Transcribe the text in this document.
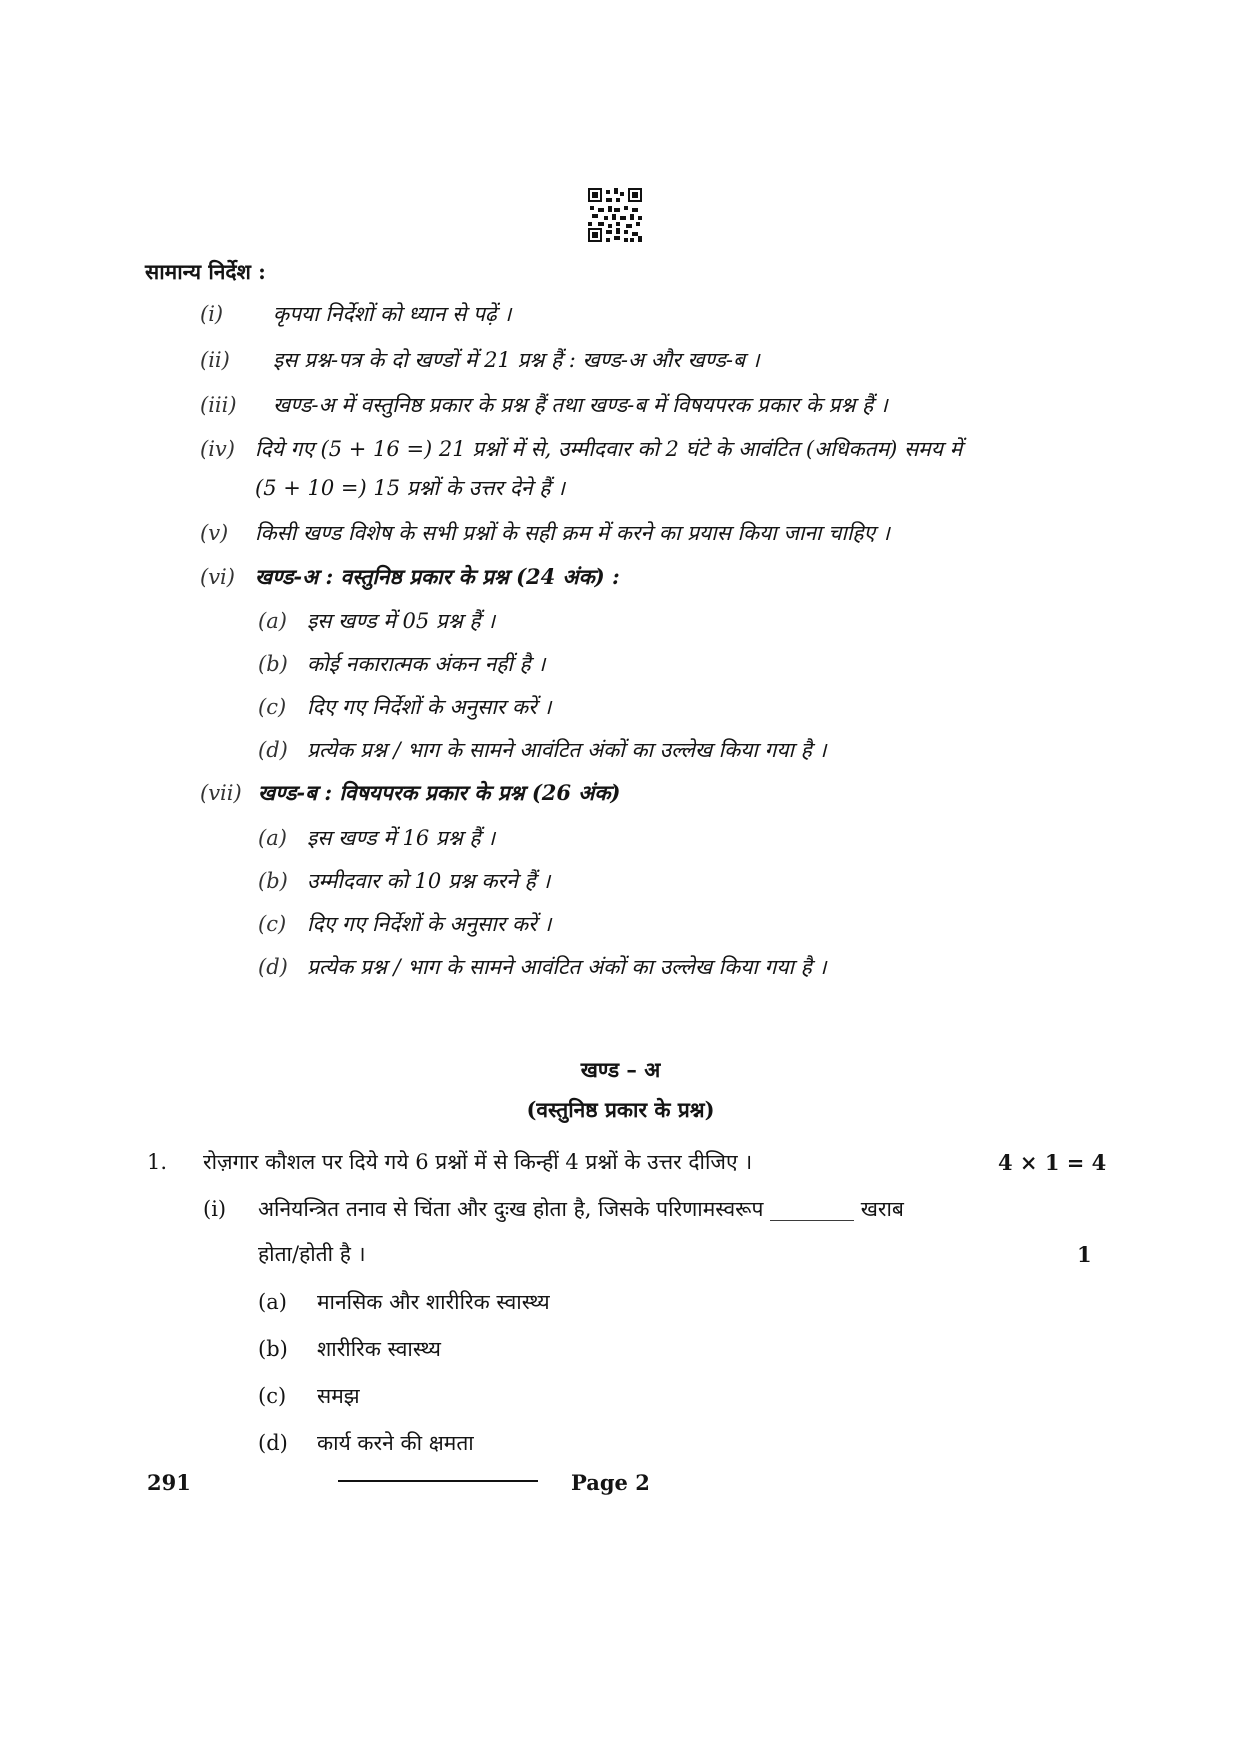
सामान्य निर्देश :
(i) कृपया निर्देशों को ध्यान से पढ़ें ।
(ii) इस प्रश्न-पत्र के दो खण्डों में 21 प्रश्न हैं : खण्ड-अ और खण्ड-ब ।
(iii) खण्ड-अ में वस्तुनिष्ठ प्रकार के प्रश्न हैं तथा खण्ड-ब में विषयपरक प्रकार के प्रश्न हैं ।
(iv) दिये गए (5 + 16 =) 21 प्रश्नों में से, उम्मीदवार को 2 घंटे के आवंटित (अधिकतम) समय में
(5 + 10 =) 15 प्रश्नों के उत्तर देने हैं ।
(v) किसी खण्ड विशेष के सभी प्रश्नों के सही क्रम में करने का प्रयास किया जाना चाहिए ।
(vi) खण्ड-अ : वस्तुनिष्ठ प्रकार के प्रश्न (24 अंक) :
(a) इस खण्ड में 05 प्रश्न हैं ।
(b) कोई नकारात्मक अंकन नहीं है ।
(c) दिए गए निर्देशों के अनुसार करें ।
(d) प्रत्येक प्रश्न / भाग के सामने आवंटित अंकों का उल्लेख किया गया है ।
(vii) खण्ड-ब : विषयपरक प्रकार के प्रश्न (26 अंक)
(a) इस खण्ड में 16 प्रश्न हैं ।
(b) उम्मीदवार को 10 प्रश्न करने हैं ।
(c) दिए गए निर्देशों के अनुसार करें ।
(d) प्रत्येक प्रश्न / भाग के सामने आवंटित अंकों का उल्लेख किया गया है ।
खण्ड – अ
(वस्तुनिष्ठ प्रकार के प्रश्न)
1. रोज़गार कौशल पर दिये गये 6 प्रश्नों में से किन्हीं 4 प्रश्नों के उत्तर दीजिए ।	4 × 1 = 4
(i) अनियन्त्रित तनाव से चिंता और दुःख होता है, जिसके परिणामस्वरूप ________ खराब
होता/होती है ।	1
(a) मानसिक और शारीरिक स्वास्थ्य
(b) शारीरिक स्वास्थ्य
(c) समझ
(d) कार्य करने की क्षमता
291	Page 2
